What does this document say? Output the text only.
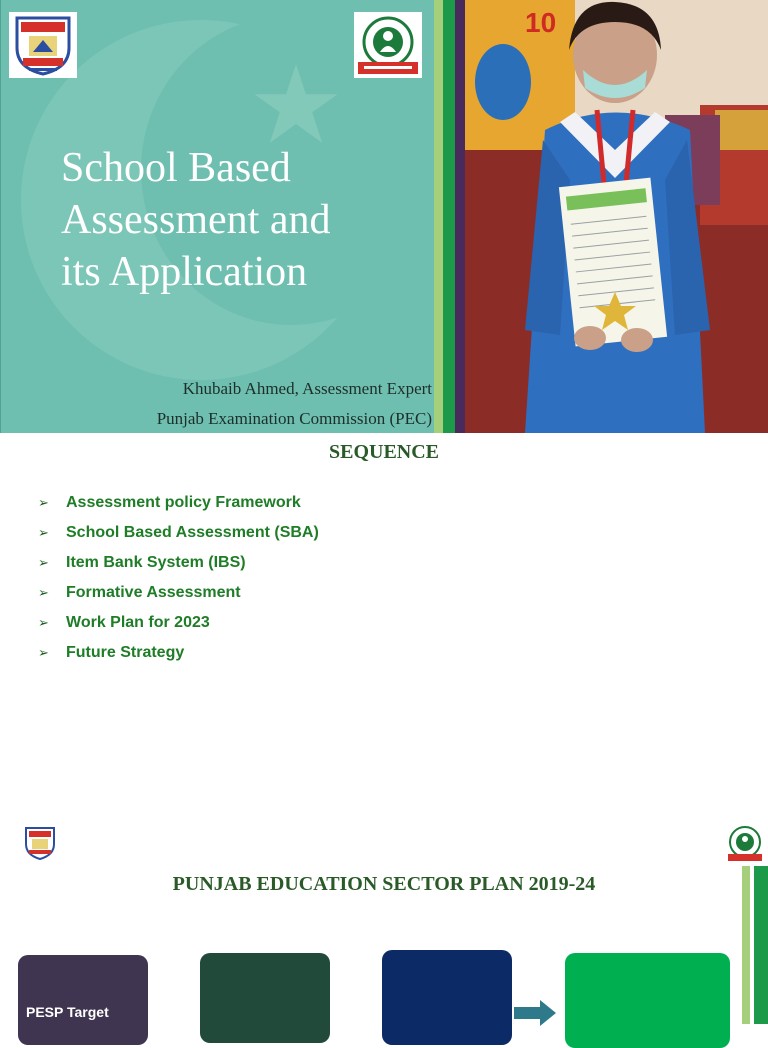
School Based
Assessment and
its Application
Khubaib Ahmed, Assessment Expert
Punjab Examination Commission (PEC)
10
SEQUENCE
➢	Assessment policy Framework
➢	School Based Assessment (SBA)
➢	Item Bank System (IBS)
➢	Formative Assessment
➢	Work Plan for 2023
➢	Future Strategy
PUNJAB EDUCATION SECTOR PLAN 2019-24
PESP Target
